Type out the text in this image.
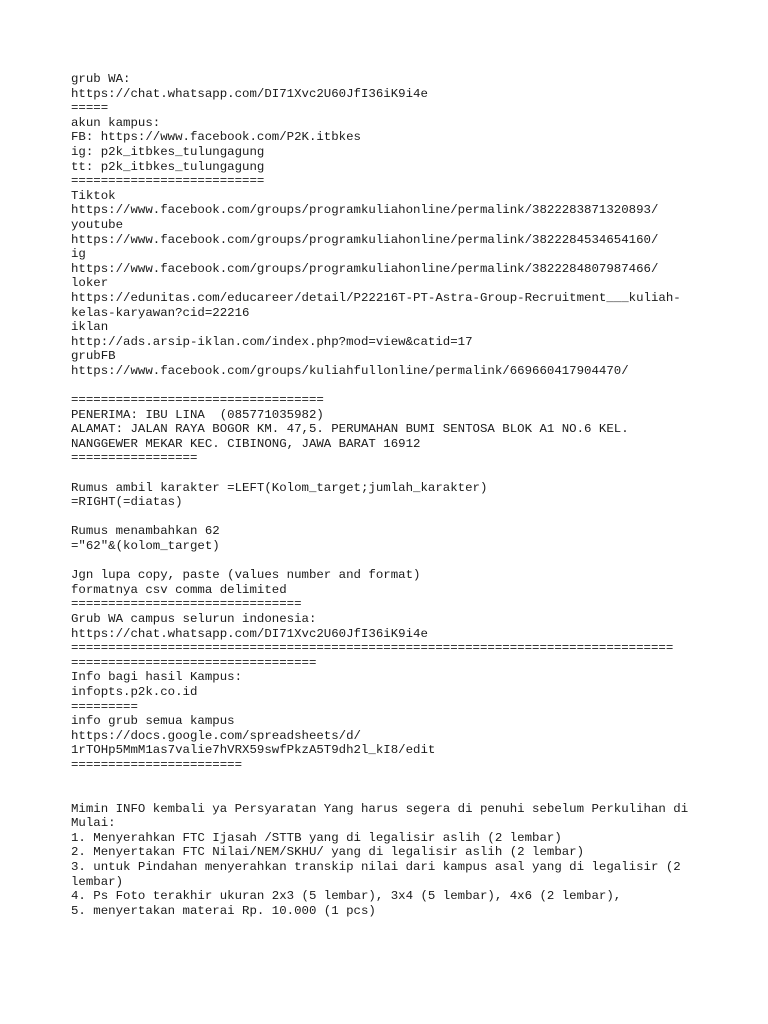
grub WA:
https://chat.whatsapp.com/DI71Xvc2U60JfI36iK9i4e
=====
akun kampus:
FB: https://www.facebook.com/P2K.itbkes
ig: p2k_itbkes_tulungagung
tt: p2k_itbkes_tulungagung
==========================
Tiktok
https://www.facebook.com/groups/programkuliahonline/permalink/3822283871320893/
youtube
https://www.facebook.com/groups/programkuliahonline/permalink/3822284534654160/
ig
https://www.facebook.com/groups/programkuliahonline/permalink/3822284807987466/
loker
https://edunitas.com/educareer/detail/P22216T-PT-Astra-Group-Recruitment___kuliah-
kelas-karyawan?cid=22216
iklan
http://ads.arsip-iklan.com/index.php?mod=view&catid=17
grubFB
https://www.facebook.com/groups/kuliahfullonline/permalink/669660417904470/
==================================
PENERIMA: IBU LINA  (085771035982)
ALAMAT: JALAN RAYA BOGOR KM. 47,5. PERUMAHAN BUMI SENTOSA BLOK A1 NO.6 KEL.
NANGGEWER MEKAR KEC. CIBINONG, JAWA BARAT 16912
=================
Rumus ambil karakter =LEFT(Kolom_target;jumlah_karakter)
=RIGHT(=diatas)
Rumus menambahkan 62
="62"&(kolom_target)
Jgn lupa copy, paste (values number and format)
formatnya csv comma delimited
===============================
Grub WA campus selurun indonesia:
https://chat.whatsapp.com/DI71Xvc2U60JfI36iK9i4e
=================================================================================
=================================
Info bagi hasil Kampus:
infopts.p2k.co.id
=========
info grub semua kampus
https://docs.google.com/spreadsheets/d/
1rTOHp5MmM1as7valie7hVRX59swfPkzA5T9dh2l_kI8/edit
=======================
Mimin INFO kembali ya Persyaratan Yang harus segera di penuhi sebelum Perkulihan di
Mulai:
1. Menyerahkan FTC Ijasah /STTB yang di legalisir aslih (2 lembar)
2. Menyertakan FTC Nilai/NEM/SKHU/ yang di legalisir aslih (2 lembar)
3. untuk Pindahan menyerahkan transkip nilai dari kampus asal yang di legalisir (2
lembar)
4. Ps Foto terakhir ukuran 2x3 (5 lembar), 3x4 (5 lembar), 4x6 (2 lembar),
5. menyertakan materai Rp. 10.000 (1 pcs)
